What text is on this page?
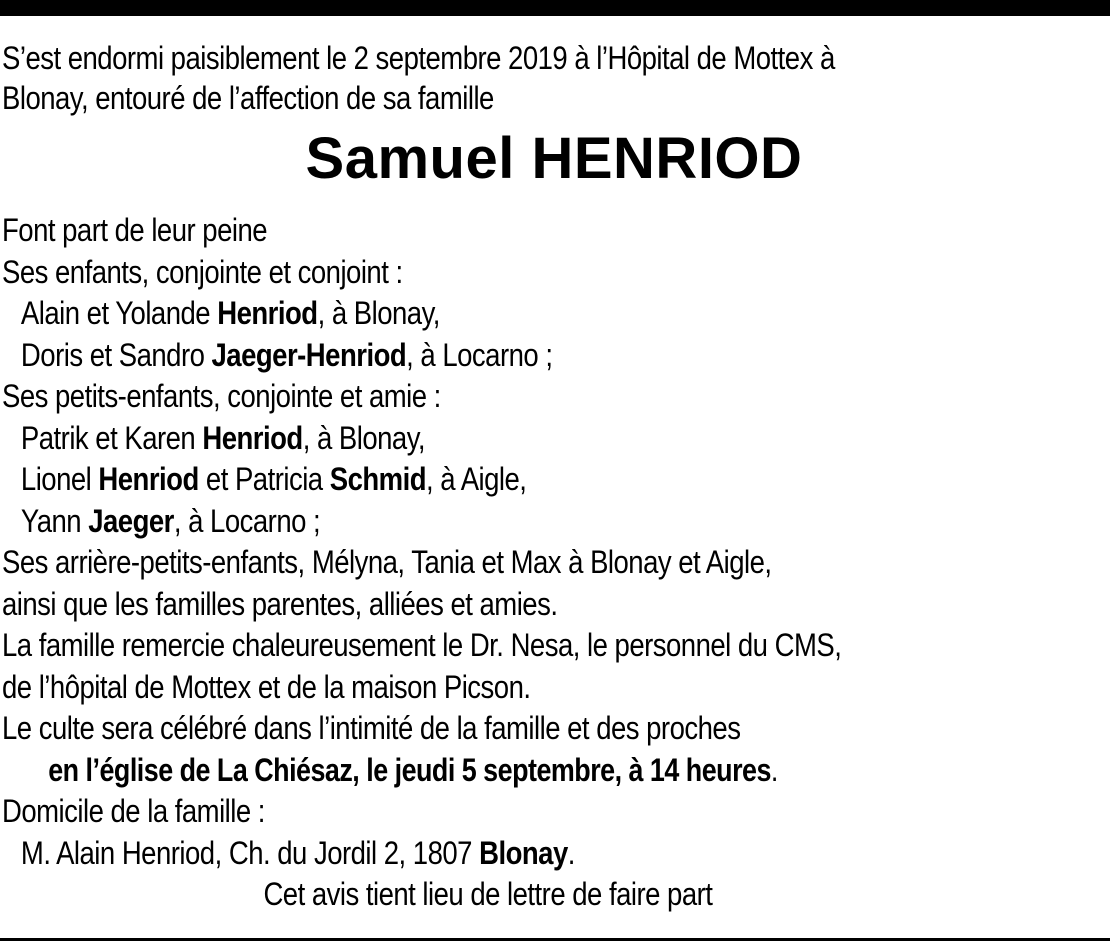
S’est endormi paisiblement le 2 septembre 2019 à l’Hôpital de Mottex à
Blonay, entouré de l’affection de sa famille
Samuel HENRIOD
Font part de leur peine
Ses enfants, conjointe et conjoint :
Alain et Yolande Henriod, à Blonay,
Doris et Sandro Jaeger-Henriod, à Locarno ;
Ses petits-enfants, conjointe et amie :
Patrik et Karen Henriod, à Blonay,
Lionel Henriod et Patricia Schmid, à Aigle,
Yann Jaeger, à Locarno ;
Ses arrière-petits-enfants, Mélyna, Tania et Max à Blonay et Aigle,
ainsi que les familles parentes, alliées et amies.
La famille remercie chaleureusement le Dr. Nesa, le personnel du CMS,
de l’hôpital de Mottex et de la maison Picson.
Le culte sera célébré dans l’intimité de la famille et des proches
en l’église de La Chiésaz, le jeudi 5 septembre, à 14 heures.
Domicile de la famille :
M. Alain Henriod, Ch. du Jordil 2, 1807 Blonay.
Cet avis tient lieu de lettre de faire part
